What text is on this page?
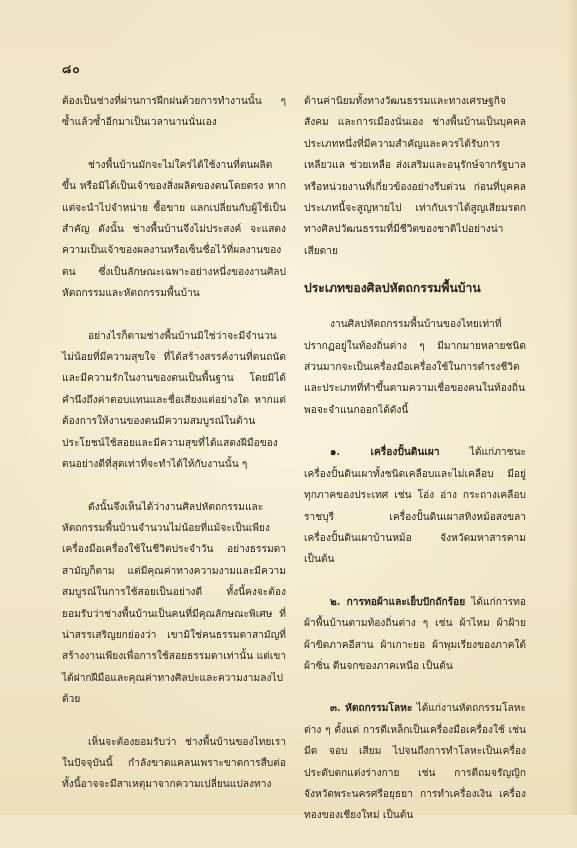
๘๐

ต้องเป็นช่างที่ผ่านการฝึกฝนด้วยการทำงานนั้น ๆ ซ้ำแล้วซ้ำอีกมาเป็นเวลานานนั่นเอง

ช่างพื้นบ้านมักจะไม่ใคร่ได้ใช้งานที่ตนผลิตขึ้น หรือมิได้เป็นเจ้าของสิ่งผลิตของตนโดยตรง หากแต่จะนำไปจำหน่าย ซื้อขาย แลกเปลี่ยนกับผู้ใช้เป็นสำคัญ ดังนั้น ช่างพื้นบ้านจึงไม่ประสงค์ จะแสดงความเป็นเจ้าของผลงานหรือเซ็นชื่อไว้ที่ผลงานของตน ซึ่งเป็นลักษณะเฉพาะอย่างหนึ่งของงานศิลปหัตถกรรมและหัตถกรรมพื้นบ้าน

อย่างไรก็ตามช่างพื้นบ้านมิใช่ว่าจะมีจำนวนไม่น้อยที่มีความสุขใจ ที่ได้สร้างสรรค์งานที่ตนถนัดและมีความรักในงานของตนเป็นพื้นฐาน โดยมิได้คำนึงถึงค่าตอบแทนและชื่อเสียงแต่อย่างใด หากแต่ต้องการให้งานของตนมีความสมบูรณ์ในด้านประโยชน์ใช้สอยและมีความสุขที่ได้แสดงฝีมือของตนอย่างดีที่สุดเท่าที่จะทำได้ให้กับงานนั้น ๆ

ดังนั้นจึงเห็นได้ว่างานศิลปหัตถกรรมและหัตถกรรมพื้นบ้านจำนวนไม่น้อยที่แม้จะเป็นเพียงเครื่องมือเครื่องใช้ในชีวิตประจำวัน อย่างธรรมดาสามัญก็ตาม แต่มีคุณค่าทางความงามและมีความสมบูรณ์ในการใช้สอยเป็นอย่างดี ทั้งนี้คงจะต้องยอมรับว่าช่างพื้นบ้านเป็นคนที่มีคุณลักษณะพิเศษ ที่น่าสรรเสริญยกย่องว่า เขามิใช่คนธรรมดาสามัญที่สร้างงานเพียงเพื่อการใช้สอยธรรมดาเท่านั้น แต่เขาได้ฝากฝีมือและคุณค่าทางศิลปะและความงามลงไปด้วย

เห็นจะต้องยอมรับว่า ช่างพื้นบ้านของไทยเราในปัจจุบันนี้ กำลังขาดแคลนเพราะขาดการสืบต่อ ทั้งนี้อาจจะมีสาเหตุมาจากความเปลี่ยนแปลงทาง

ด้านค่านิยมทั้งทางวัฒนธรรมและทางเศรษฐกิจ สังคม และการเมืองนั่นเอง ช่างพื้นบ้านเป็นบุคคลประเภทหนึ่งที่มีความสำคัญและควรได้รับการเหลียวแล ช่วยเหลือ ส่งเสริมและอนุรักษ์จากรัฐบาลหรือหน่วยงานที่เกี่ยวข้องอย่างรีบด่วน ก่อนที่บุคคลประเภทนี้จะสูญหายไป เท่ากับเราได้สูญเสียมรดกทางศิลปวัฒนธรรมที่มีชีวิตของชาติไปอย่างน่าเสียดาย

ประเภทของศิลปหัตถกรรมพื้นบ้าน

งานศิลปหัตถกรรมพื้นบ้านของไทยเท่าที่ปรากฏอยู่ในท้องถิ่นต่าง ๆ มีมากมายหลายชนิด ส่วนมากจะเป็นเครื่องมือเครื่องใช้ในการดำรงชีวิตและประเภทที่ทำขึ้นตามความเชื่อของคนในท้องถิ่น พอจะจำแนกออกได้ดังนี้

๑. เครื่องปั้นดินเผา ได้แก่ภาชนะเครื่องปั้นดินเผาทั้งชนิดเคลือบและไม่เคลือบ มีอยู่ทุกภาคของประเทศ เช่น โอ่ง อ่าง กระถางเคลือบราชบุรี เครื่องปั้นดินเผาสทิงหม้อสงขลา เครื่องปั้นดินเผาบ้านหม้อ จังหวัดมหาสารคาม เป็นต้น

๒. การทอผ้าและเย็บปักถักร้อย ได้แก่การทอผ้าพื้นบ้านตามท้องถิ่นต่าง ๆ เช่น ผ้าไหม ผ้าฝ้าย ผ้าขิดภาคอีสาน ผ้าเกาะยอ ผ้าพุมเรียงของภาคใต้ ผ้าซิ่น ตีนจกของภาคเหนือ เป็นต้น

๓. หัตถกรรมโลหะ ได้แก่งานหัตถกรรมโลหะต่าง ๆ ตั้งแต่ การตีเหล็กเป็นเครื่องมือเครื่องใช้ เช่น มีด จอบ เสียม ไปจนถึงการทำโลหะเป็นเครื่องประดับตกแต่งร่างกาย เช่น การตีถมจรัญญิก จังหวัดพระนครศรีอยุธยา การทำเครื่องเงิน เครื่องทองของเชียงใหม่ เป็นต้น
